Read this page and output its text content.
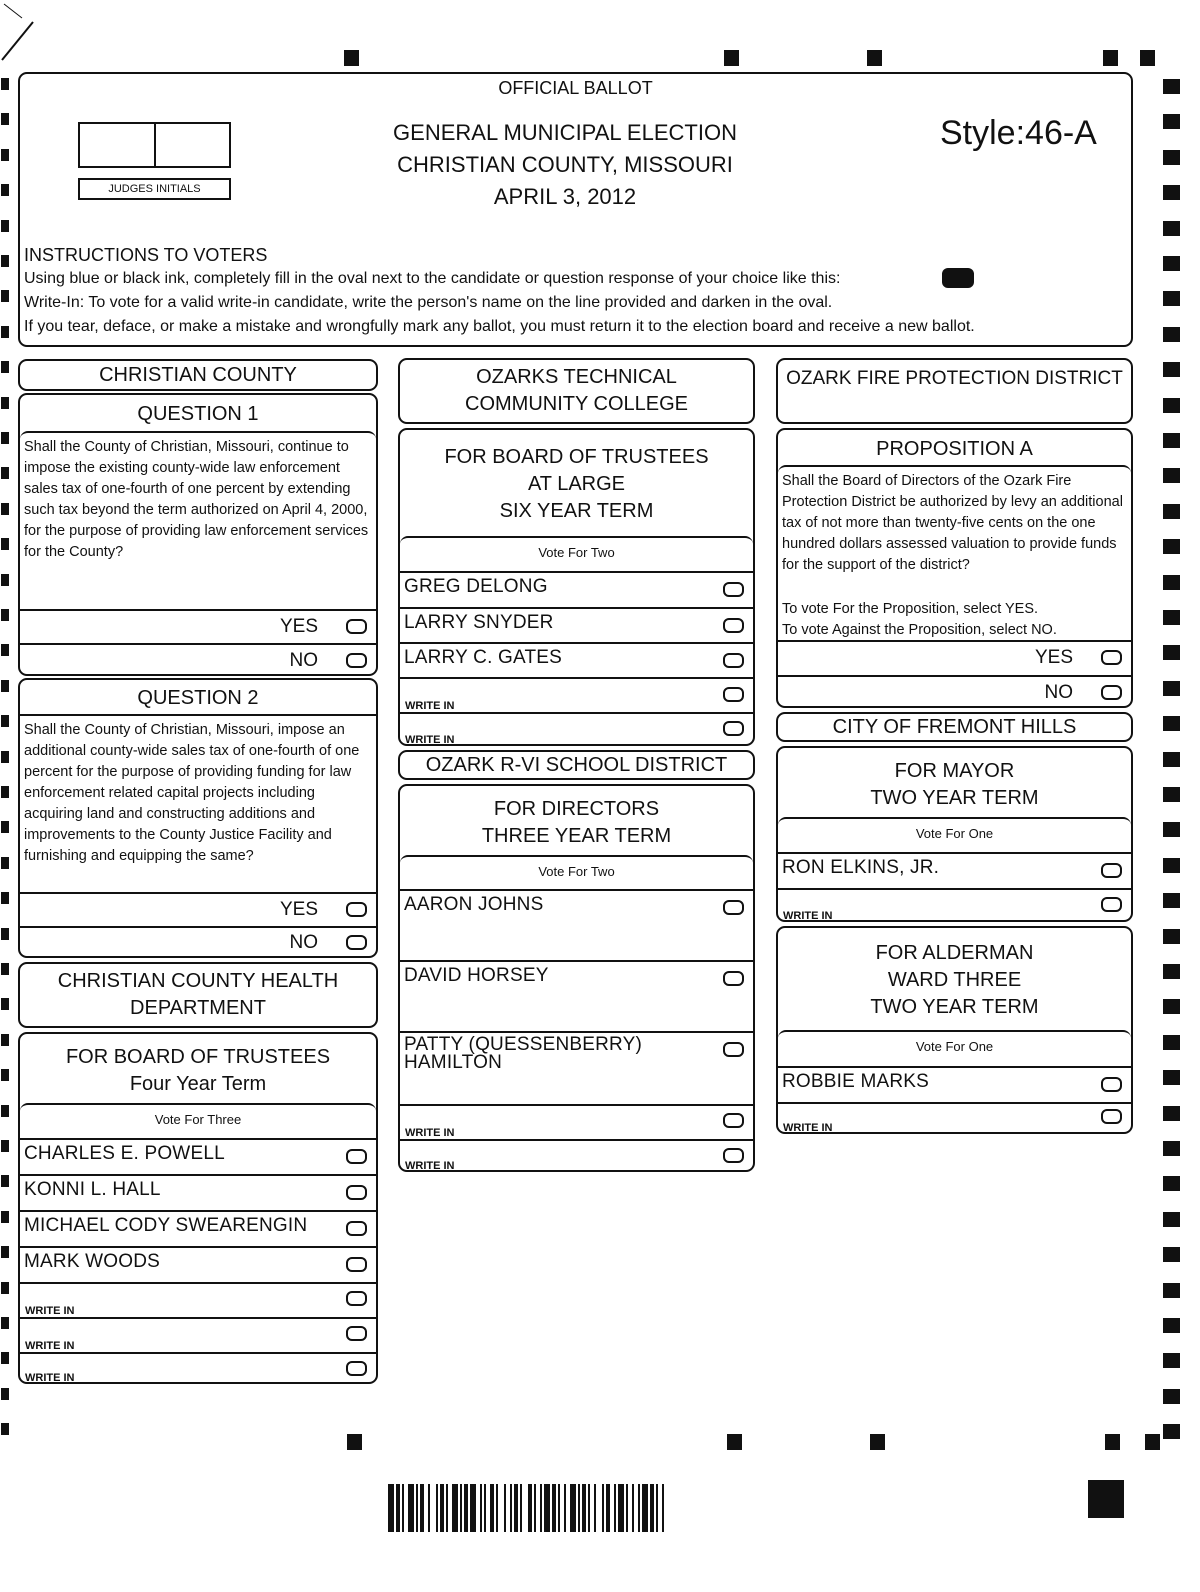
OFFICIAL BALLOT
GENERAL MUNICIPAL ELECTION
CHRISTIAN COUNTY, MISSOURI
APRIL 3, 2012
Style:46-A
JUDGES INITIALS
INSTRUCTIONS TO VOTERS
Using blue or black ink, completely fill in the oval next to the candidate or question response of your choice like this:
Write-In: To vote for a valid write-in candidate, write the person's name on the line provided and darken in the oval.
If you tear, deface, or make a mistake and wrongfully mark any ballot, you must return it to the election board and receive a new ballot.
CHRISTIAN COUNTY
QUESTION 1
Shall the County of Christian, Missouri, continue to impose the existing county-wide law enforcement sales tax of one-fourth of one percent by extending such tax beyond the term authorized on April 4, 2000, for the purpose of providing law enforcement services for the County?
YES
NO
QUESTION 2
Shall the County of Christian, Missouri, impose an additional county-wide sales tax of one-fourth of one percent for the purpose of providing funding for law enforcement related capital projects including acquiring land and constructing additions and improvements to the County Justice Facility and furnishing and equipping the same?
YES
NO
CHRISTIAN COUNTY HEALTH DEPARTMENT
FOR BOARD OF TRUSTEES
Four Year Term
Vote For Three
CHARLES E. POWELL
KONNI L. HALL
MICHAEL CODY SWEARENGIN
MARK WOODS
WRITE IN
WRITE IN
WRITE IN
OZARKS TECHNICAL COMMUNITY COLLEGE
FOR BOARD OF TRUSTEES
AT LARGE
SIX YEAR TERM
Vote For Two
GREG DELONG
LARRY SNYDER
LARRY C. GATES
WRITE IN
WRITE IN
OZARK R-VI SCHOOL DISTRICT
FOR DIRECTORS
THREE YEAR TERM
Vote For Two
AARON JOHNS
DAVID HORSEY
PATTY (QUESSENBERRY) HAMILTON
WRITE IN
WRITE IN
OZARK FIRE PROTECTION DISTRICT
PROPOSITION A
Shall the Board of Directors of the Ozark Fire Protection District be authorized by levy an additional tax of not more than twenty-five cents on the one hundred dollars assessed valuation to provide funds for the support of the district?
To vote For the Proposition, select YES.
To vote Against the Proposition, select NO.
YES
NO
CITY OF FREMONT HILLS
FOR MAYOR
TWO YEAR TERM
Vote For One
RON ELKINS, JR.
WRITE IN
FOR ALDERMAN
WARD THREE
TWO YEAR TERM
Vote For One
ROBBIE MARKS
WRITE IN
